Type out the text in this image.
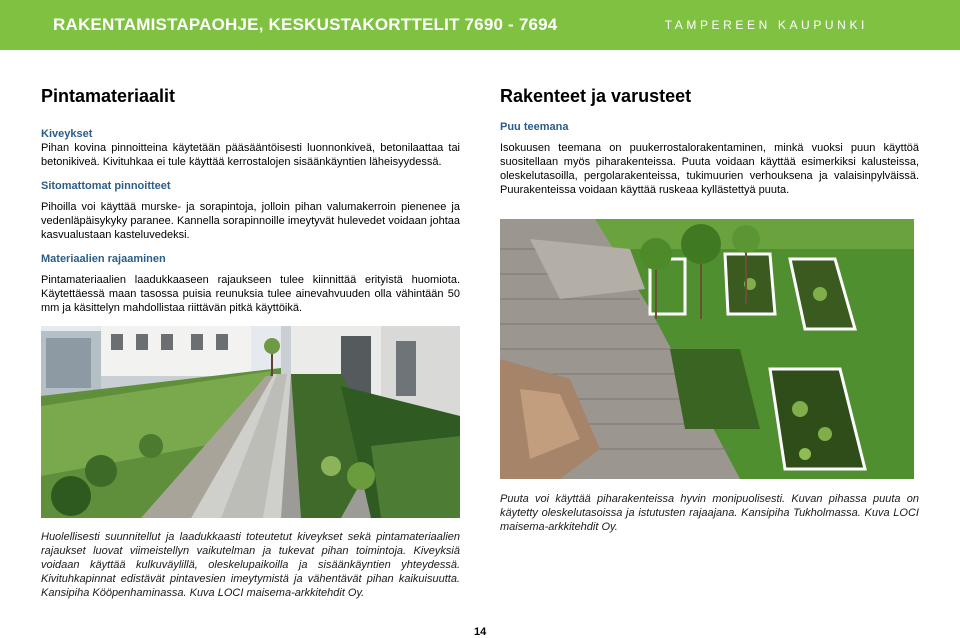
RAKENTAMISTAPAOHJE, KESKUSTAKORTTELIT 7690 - 7694	TAMPEREEN KAUPUNKI
Pintamateriaalit

Kiveykset

Pihan kovina pinnoitteina käytetään pääsääntöisesti luonnonkiveä, betonilaattaa tai betonikiveä. Kivituhkaa ei tule käyttää kerrostalojen sisäänkäyntien läheisyydessä.

Sitomattomat pinnoitteet

Pihoilla voi käyttää murske- ja sorapintoja, jolloin pihan valumakerroin pienenee ja vedenläpäisykyky paranee. Kannella sorapinnoille imeytyvät hulevedet voidaan johtaa kasvualustaan kasteluvedeksi.

Materiaalien rajaaminen

Pintamateriaalien laadukkaaseen rajaukseen tulee kiinnittää erityistä huomiota. Käytettäessä maan tasossa puisia reunuksia tulee ainevahvuuden olla vähintään 50 mm ja käsittelyn mahdollistaa riittävän pitkä käyttöikä.

Huolellisesti suunnitellut ja laadukkaasti toteutetut kiveykset sekä pintamateriaalien rajaukset luovat viimeistellyn vaikutelman ja tukevat pihan toimintoja. Kiveyksiä voidaan käyttää kulkuväylillä, oleskelupaikoilla ja sisäänkäyntien yhteydessä. Kivituhkapinnat edistävät pintavesien imeytymistä ja vähentävät pihan kaikuisuutta. Kansipiha Kööpenhaminassa. Kuva LOCI maisema-arkkitehdit Oy.
Rakenteet ja varusteet

Puu teemana

Isokuusen teemana on puukerrostalorakentaminen, minkä vuoksi puun käyttöä suositellaan myös piharakenteissa. Puuta voidaan käyttää esimerkiksi kalusteissa, oleskelutasoilla, pergolarakenteissa, tukimuurien verhouksena ja valaisinpylväissä. Puurakenteissa voidaan käyttää ruskeaa kyllästettyä puuta.

Puuta voi käyttää piharakenteissa hyvin monipuolisesti. Kuvan pihassa puuta on käytetty oleskelutasoissa ja istutusten rajaajana. Kansipiha Tukholmassa. Kuva LOCI maisema-arkkitehdit Oy.
14
